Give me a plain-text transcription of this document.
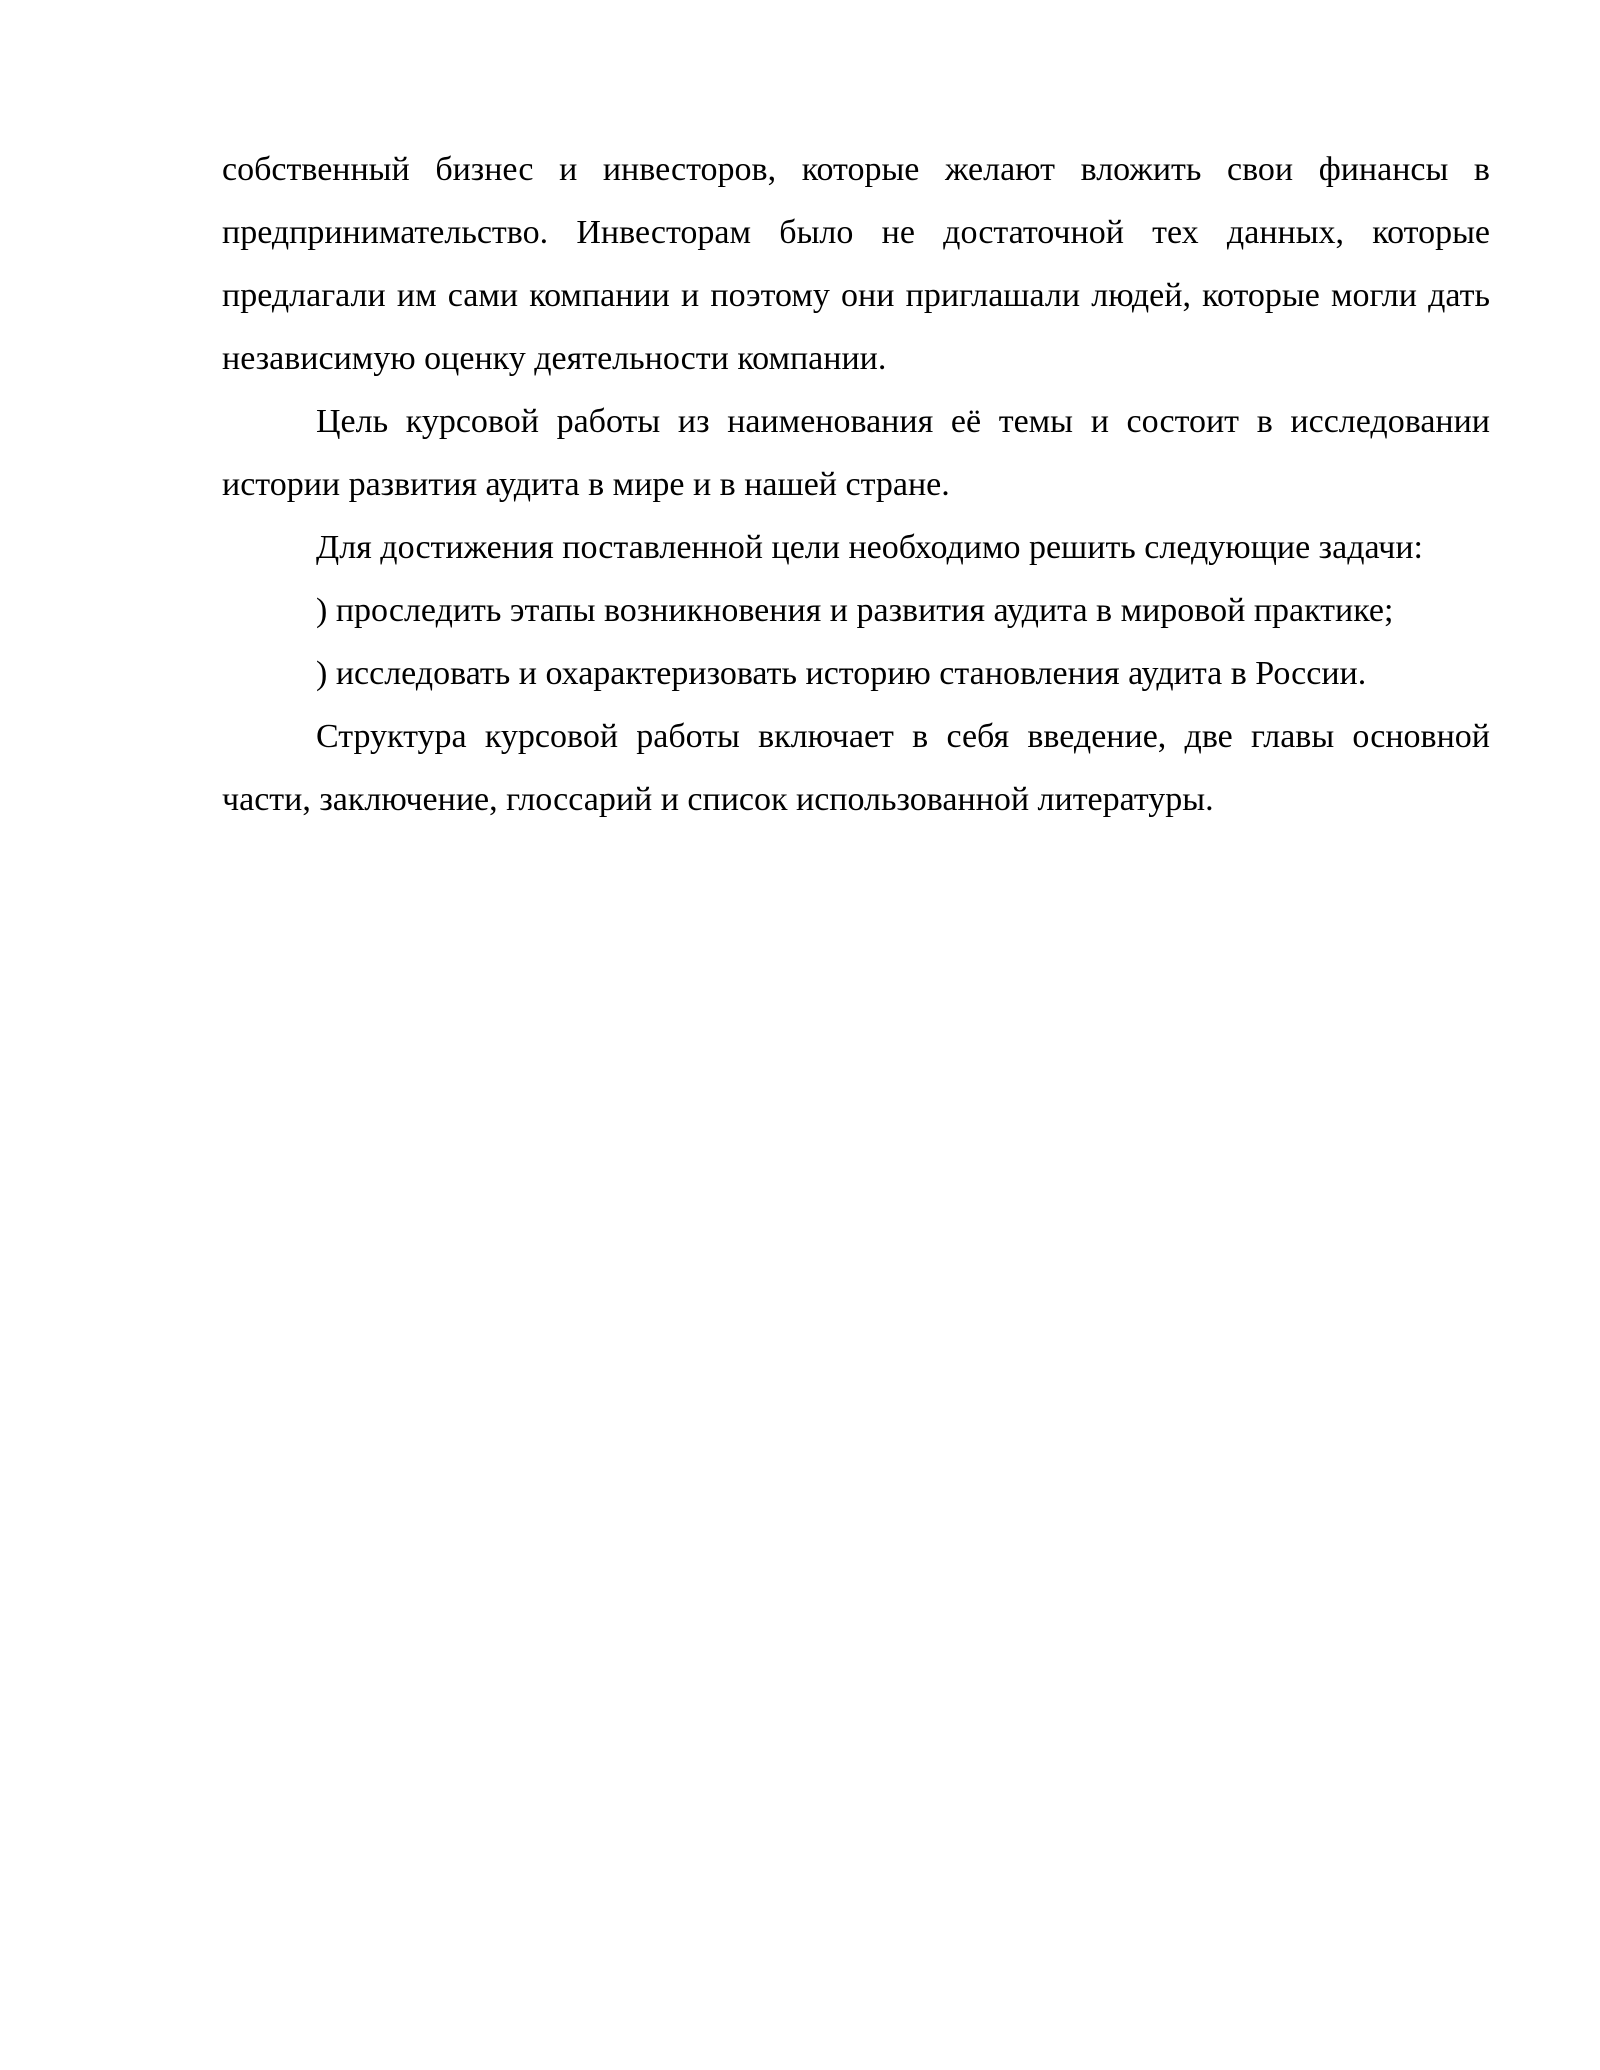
собственный бизнес и инвесторов, которые желают вложить свои финансы в предпринимательство. Инвесторам было не достаточной тех данных, которые предлагали им сами компании и поэтому они приглашали людей, которые могли дать независимую оценку деятельности компании.

Цель курсовой работы из наименования её темы и состоит в исследовании истории развития аудита в мире и в нашей стране.

Для достижения поставленной цели необходимо решить следующие задачи:

) проследить этапы возникновения и развития аудита в мировой практике;

) исследовать и охарактеризовать историю становления аудита в России.

Структура курсовой работы включает в себя введение, две главы основной части, заключение, глоссарий и список использованной литературы.
